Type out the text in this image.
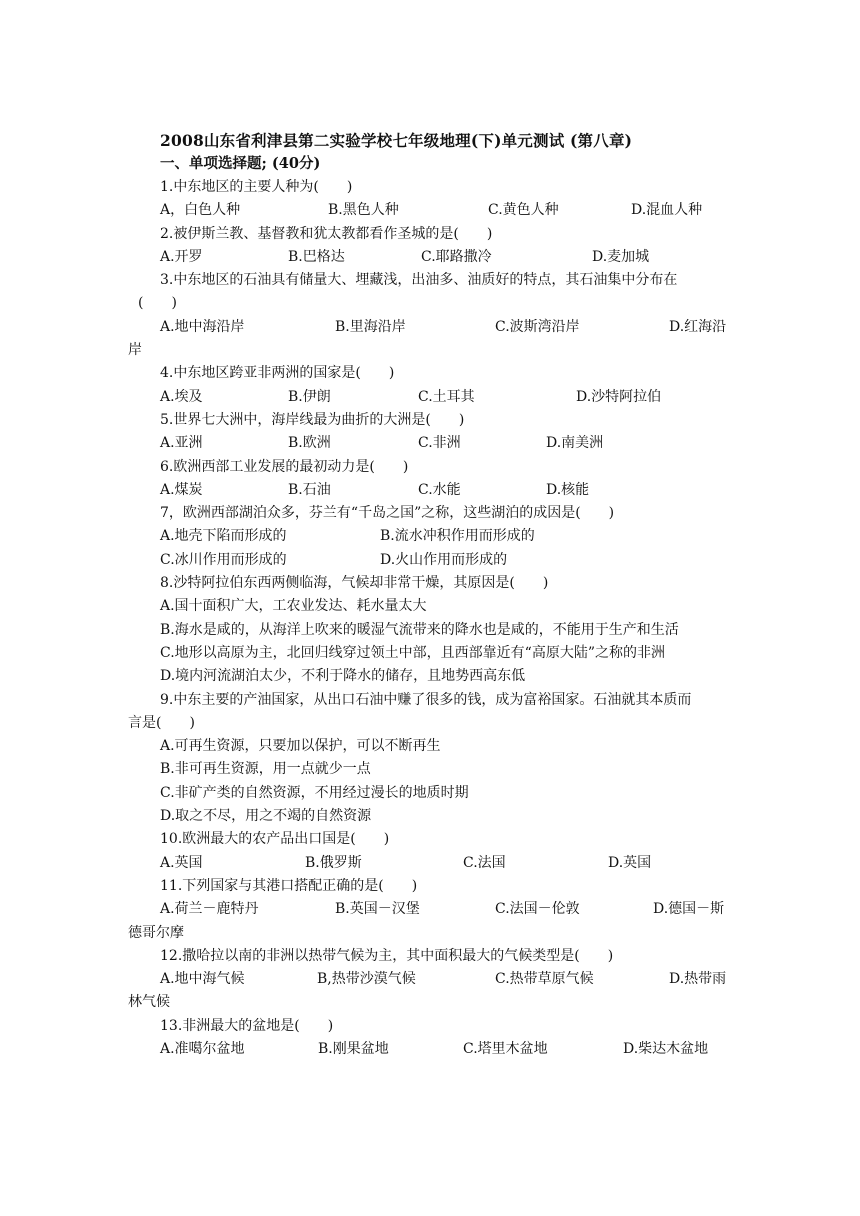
2008山东省利津县第二实验学校七年级地理(下)单元测试 (第八章)
一、单项选择题; (40分)
1.中东地区的主要人种为(　　)
A，白色人种	B.黑色人种	C.黄色人种	D.混血人种
2.被伊斯兰教、基督教和犹太教都看作圣城的是(　　)
A.开罗	B.巴格达	C.耶路撒冷	D.麦加城
3.中东地区的石油具有储量大、埋藏浅，出油多、油质好的特点，其石油集中分布在
(　　)
A.地中海沿岸	B.里海沿岸	C.波斯湾沿岸	D.红海沿
岸
4.中东地区跨亚非两洲的国家是(　　)
A.埃及	B.伊朗	C.土耳其	D.沙特阿拉伯
5.世界七大洲中，海岸线最为曲折的大洲是(　　)
A.亚洲	B.欧洲	C.非洲	D.南美洲
6.欧洲西部工业发展的最初动力是(　　)
A.煤炭	B.石油	C.水能	D.核能
7，欧洲西部湖泊众多，芬兰有“千岛之国”之称，这些湖泊的成因是(　　)
A.地壳下陷而形成的	B.流水冲积作用而形成的
C.冰川作用而形成的	D.火山作用而形成的
8.沙特阿拉伯东西两侧临海，气候却非常干燥，其原因是(　　)
A.国十面积广大，工农业发达、耗水量太大
B.海水是咸的，从海洋上吹来的暖湿气流带来的降水也是咸的，不能用于生产和生活
C.地形以高原为主，北回归线穿过领土中部，且西部靠近有“高原大陆”之称的非洲
D.境内河流湖泊太少，不利于降水的储存，且地势西高东低
9.中东主要的产油国家，从出口石油中赚了很多的钱，成为富裕国家。石油就其本质而
言是(　　)
A.可再生资源，只要加以保护，可以不断再生
B.非可再生资源，用一点就少一点
C.非矿产类的自然资源，不用经过漫长的地质时期
D.取之不尽，用之不竭的自然资源
10.欧洲最大的农产品出口国是(　　)
A.英国	B.俄罗斯	C.法国	D.英国
11.下列国家与其港口搭配正确的是(　　)
A.荷兰－鹿特丹	B.英国－汉堡	C.法国－伦敦	D.德国－斯
德哥尔摩
12.撒哈拉以南的非洲以热带气候为主，其中面积最大的气候类型是(　　)
A.地中海气候	B,热带沙漠气候	C.热带草原气候	D.热带雨
林气候
13.非洲最大的盆地是(　　)
A.准噶尔盆地	B.刚果盆地	C.塔里木盆地	D.柴达木盆地
